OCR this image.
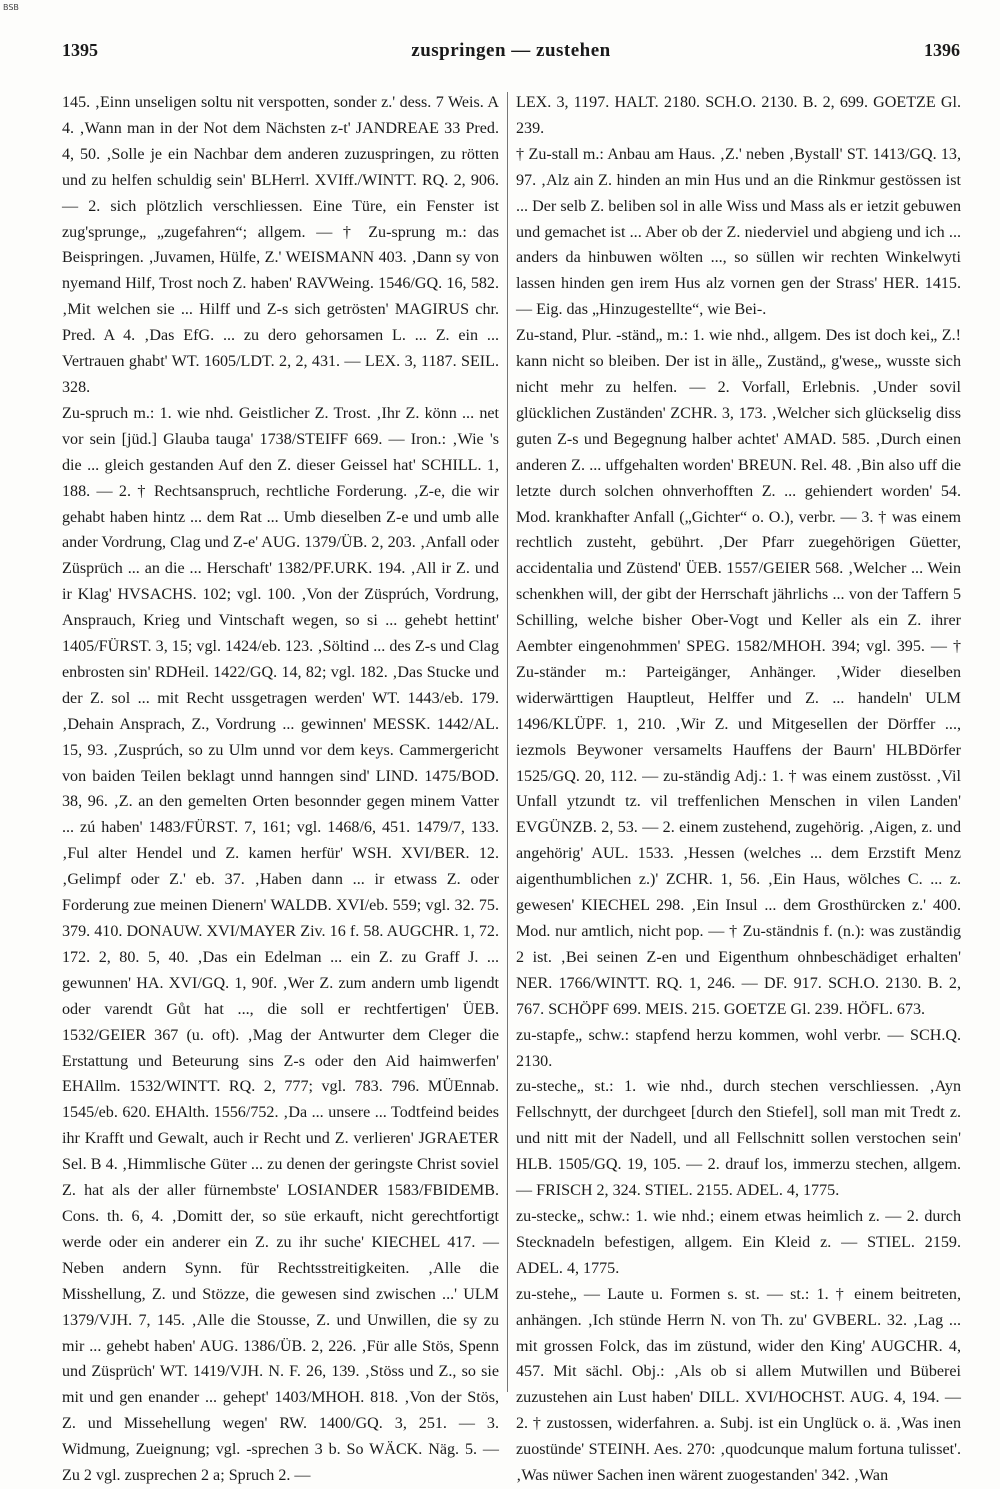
BSB
1395	zuspringen — zustehen	1396

145. ‚Einn unseligen soltu nit verspotten, sonder z.' dess. 7 Weis. A 4. ‚Wann man in der Not dem Nächsten z-t' JANDREAE 33 Pred. 4, 50. ‚Solle je ein Nachbar dem anderen zuzuspringen, zu rötten und zu helfen schuldig sein' BLHerrl. XVIff./WINTT. RQ. 2, 906. — 2. sich plötzlich verschliessen. Eine Türe, ein Fenster ist zug'sprunge„ „zugefahren“; allgem. — † Zu-sprung m.: das Beispringen. ‚Juvamen, Hülfe, Z.' WEISMANN 403. ‚Dann sy von nyemand Hilf, Trost noch Z. haben' RAVWeing. 1546/GQ. 16, 582. ‚Mit welchen sie ... Hilff und Z-s sich getrösten' MAGIRUS chr. Pred. A 4. ‚Das EfG. ... zu dero gehorsamen L. ... Z. ein ... Vertrauen ghabt' WT. 1605/LDT. 2, 2, 431. — LEX. 3, 1187. SEIL. 328.

Zu-spruch m.: 1. wie nhd. Geistlicher Z. Trost. ‚Ihr Z. könn ... net vor sein [jüd.] Glauba tauga' 1738/STEIFF 669. — Iron.: ‚Wie 's die ... gleich gestanden Auf den Z. dieser Geissel hat' SCHILL. 1, 188. — 2. † Rechtsanspruch, rechtliche Forderung. ‚Z-e, die wir gehabt haben hintz ... dem Rat ... Umb dieselben Z-e und umb alle ander Vordrung, Clag und Z-e' AUG. 1379/ÜB. 2, 203. ‚Anfall oder Züsprüch ... an die ... Herschaft' 1382/PF.URK. 194. ‚All ir Z. und ir Klag' HVSACHS. 102; vgl. 100. ‚Von der Züsprúch, Vordrung, Ansprauch, Krieg und Vintschaft wegen, so si ... gehebt hettint' 1405/FÜRST. 3, 15; vgl. 1424/eb. 123. ‚Söltind ... des Z-s und Clag enbrosten sin' RDHeil. 1422/GQ. 14, 82; vgl. 182. ‚Das Stucke und der Z. sol ... mit Recht ussgetragen werden' WT. 1443/eb. 179. ‚Dehain Ansprach, Z., Vordrung ... gewinnen' MESSK. 1442/AL. 15, 93. ‚Zusprúch, so zu Ulm unnd vor dem keys. Cammergericht von baiden Teilen beklagt unnd hanngen sind' LIND. 1475/BOD. 38, 96. ‚Z. an den gemelten Orten besonnder gegen minem Vatter ... zú haben' 1483/FÜRST. 7, 161; vgl. 1468/6, 451. 1479/7, 133. ‚Ful alter Hendel und Z. kamen herfür' WSH. XVI/BER. 12. ‚Gelimpf oder Z.' eb. 37. ‚Haben dann ... ir etwass Z. oder Forderung zue meinen Dienern' WALDB. XVI/eb. 559; vgl. 32. 75. 379. 410. DONAUW. XVI/MAYER Ziv. 16 f. 58. AUGCHR. 1, 72. 172. 2, 80. 5, 40. ‚Das ein Edelman ... ein Z. zu Graff J. ... gewunnen' HA. XVI/GQ. 1, 90f. ‚Wer Z. zum andern umb ligendt oder varendt Gůt hat ..., die soll er rechtfertigen' ÜEB. 1532/GEIER 367 (u. oft). ‚Mag der Antwurter dem Cleger die Erstattung und Beteurung sins Z-s oder den Aid haimwerfen' EHAllm. 1532/WINTT. RQ. 2, 777; vgl. 783. 796. MÜEnnab. 1545/eb. 620. EHAlth. 1556/752. ‚Da ... unsere ... Todtfeind beides ihr Krafft und Gewalt, auch ir Recht und Z. verlieren' JGRAETER Sel. B 4. ‚Himmlische Güter ... zu denen der geringste Christ soviel Z. hat als der aller fürnembste' LOSIANDER 1583/FBIDEMB. Cons. th. 6, 4. ‚Domitt der, so süe erkauft, nicht gerechtfortigt werde oder ein anderer ein Z. zu ihr suche' KIECHEL 417. — Neben andern Synn. für Rechtsstreitigkeiten. ‚Alle die Misshellung, Z. und Stözze, die gewesen sind zwischen ...' ULM 1379/VJH. 7, 145. ‚Alle die Stousse, Z. und Unwillen, die sy zu mir ... gehebt haben' AUG. 1386/ÜB. 2, 226. ‚Für alle Stös, Spenn und Züsprüch' WT. 1419/VJH. N. F. 26, 139. ‚Stöss und Z., so sie mit und gen enander ... gehept' 1403/MHOH. 818. ‚Von der Stös, Z. und Missehellung wegen' RW. 1400/GQ. 3, 251. — 3. Widmung, Zueignung; vgl. -sprechen 3 b. So WÄCK. Näg. 5. — Zu 2 vgl. zusprechen 2 a; Spruch 2. —

LEX. 3, 1197. HALT. 2180. SCH.O. 2130. B. 2, 699. GOETZE Gl. 239.

† Zu-stall m.: Anbau am Haus. ‚Z.' neben ‚Bystall' ST. 1413/GQ. 13, 97. ‚Alz ain Z. hinden an min Hus und an die Rinkmur gestössen ist ... Der selb Z. beliben sol in alle Wiss und Mass als er ietzit gebuwen und gemachet ist ... Aber ob der Z. niederviel und abgieng und ich ... anders da hinbuwen wölten ..., so süllen wir rechten Winkelwyti lassen hinden gen irem Hus alz vornen gen der Strass' HER. 1415. — Eig. das „Hinzugestellte“, wie Bei-.

Zu-stand, Plur. -ständ„ m.: 1. wie nhd., allgem. Des ist doch kei„ Z.! kann nicht so bleiben. Der ist in älle„ Zuständ„ g'wese„ wusste sich nicht mehr zu helfen. — 2. Vorfall, Erlebnis. ‚Under sovil glücklichen Zuständen' ZCHR. 3, 173. ‚Welcher sich glückselig diss guten Z-s und Begegnung halber achtet' AMAD. 585. ‚Durch einen anderen Z. ... uffgehalten worden' BREUN. Rel. 48. ‚Bin also uff die letzte durch solchen ohnverhofften Z. ... gehiendert worden' 54. Mod. krankhafter Anfall („Gichter“ o. O.), verbr. — 3. † was einem rechtlich zusteht, gebührt. ‚Der Pfarr zuegehörigen Güetter, accidentalia und Züstend' ÜEB. 1557/GEIER 568. ‚Welcher ... Wein schenkhen will, der gibt der Herrschaft jährlichs ... von der Taffern 5 Schilling, welche bisher Ober-Vogt und Keller als ein Z. ihrer Aembter eingenohmmen' SPEG. 1582/MHOH. 394; vgl. 395. — † Zu-ständer m.: Parteigänger, Anhänger. ‚Wider dieselben widerwärttigen Hauptleut, Helffer und Z. ... handeln' ULM 1496/KLÜPF. 1, 210. ‚Wir Z. und Mitgesellen der Dörffer ..., iezmols Beywoner versamelts Hauffens der Baurn' HLBDörfer 1525/GQ. 20, 112. — zu-ständig Adj.: 1. † was einem zustösst. ‚Vil Unfall ytzundt tz. vil treffenlichen Menschen in vilen Landen' EVGÜNZB. 2, 53. — 2. einem zustehend, zugehörig. ‚Aigen, z. und angehörig' AUL. 1533. ‚Hessen (welches ... dem Erzstift Menz aigenthumblichen z.)' ZCHR. 1, 56. ‚Ein Haus, wölches C. ... z. gewesen' KIECHEL 298. ‚Ein Insul ... dem Grosthürcken z.' 400. Mod. nur amtlich, nicht pop. — † Zu-ständnis f. (n.): was zuständig 2 ist. ‚Bei seinen Z-en und Eigenthum ohnbeschädiget erhalten' NER. 1766/WINTT. RQ. 1, 246. — DF. 917. SCH.O. 2130. B. 2, 767. SCHÖPF 699. MEIS. 215. GOETZE Gl. 239. HÖFL. 673.

zu-stapfe„ schw.: stapfend herzu kommen, wohl verbr. — SCH.Q. 2130.

zu-steche„ st.: 1. wie nhd., durch stechen verschliessen. ‚Ayn Fellschnytt, der durchgeet [durch den Stiefel], soll man mit Tredt z. und nitt mit der Nadell, und all Fellschnitt sollen verstochen sein' HLB. 1505/GQ. 19, 105. — 2. drauf los, immerzu stechen, allgem. — FRISCH 2, 324. STIEL. 2155. ADEL. 4, 1775.

zu-stecke„ schw.: 1. wie nhd.; einem etwas heimlich z. — 2. durch Stecknadeln befestigen, allgem. Ein Kleid z. — STIEL. 2159. ADEL. 4, 1775.

zu-stehe„ — Laute u. Formen s. st. — st.: 1. † einem beitreten, anhängen. ‚Ich stünde Herrn N. von Th. zu' GVBERL. 32. ‚Lag ... mit grossen Folck, das im züstund, wider den King' AUGCHR. 4, 457. Mit sächl. Obj.: ‚Als ob si allem Mutwillen und Büberei zuzustehen ain Lust haben' DILL. XVI/HOCHST. AUG. 4, 194. — 2. † zustossen, widerfahren. a. Subj. ist ein Unglück o. ä. ‚Was inen zuostünde' STEINH. Aes. 270: ‚quodcunque malum fortuna tulisset'. ‚Was nüwer Sachen inen wärent zuogestanden' 342. ‚Wan
